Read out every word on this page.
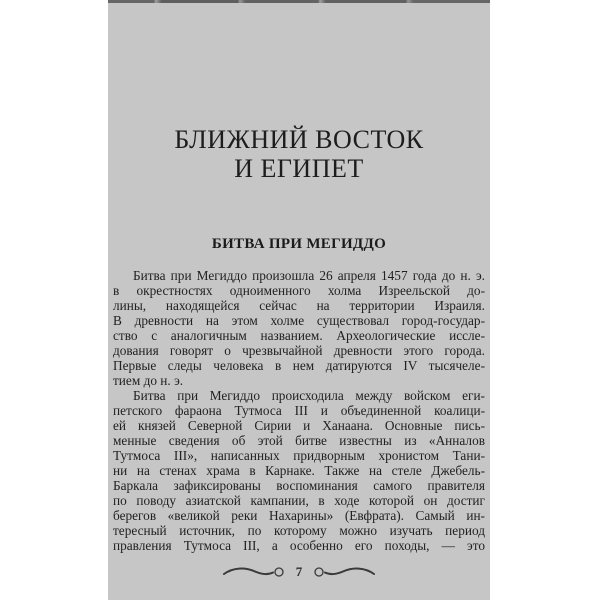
БЛИЖНИЙ ВОСТОК
И ЕГИПЕТ
БИТВА ПРИ МЕГИДДО
Битва при Мегиддо произошла 26 апреля 1457 года до н. э.
в окрестностях одноименного холма Изреельской до-
лины, находящейся сейчас на территории Израиля.
В древности на этом холме существовал город-государ-
ство с аналогичным названием. Археологические иссле-
дования говорят о чрезвычайной древности этого города.
Первые следы человека в нем датируются IV тысячеле-
тием до н. э.
Битва при Мегиддо происходила между войском еги-
петского фараона Тутмоса III и объединенной коалици-
ей князей Северной Сирии и Ханаана. Основные пись-
менные сведения об этой битве известны из «Анналов
Тутмоса III», написанных придворным хронистом Тани-
ни на стенах храма в Карнаке. Также на стеле Джебель-
Баркала зафиксированы воспоминания самого правителя
по поводу азиатской кампании, в ходе которой он достиг
берегов «великой реки Нахарины» (Евфрата). Самый ин-
тересный источник, по которому можно изучать период
правления Тутмоса III, а особенно его походы, — это
7
